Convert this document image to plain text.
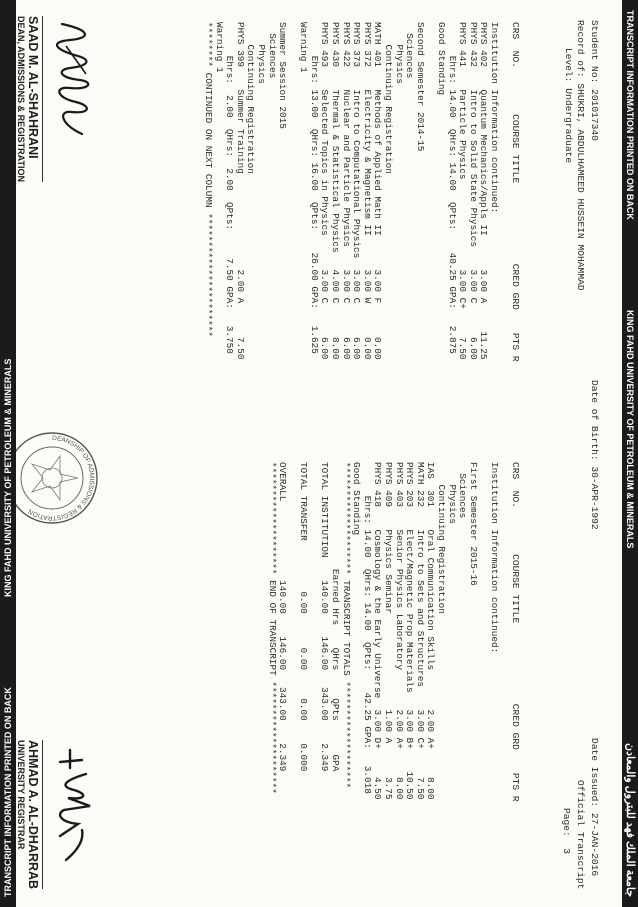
TRANSCRIPT INFORMATION PRINTED ON BACK
KING FAHD UNIVERSITY OF PETROLEUM & MINERALS
جامعة الملك فهد للبترول والمعادن
Student No: 201017340
Date of Birth: 30-APR-1992
Date Issued: 27-JAN-2016
Record of: SHUKRI, ABDULHAMEED HUSSEIN MOHAMMAD
Official Transcript
Level: Undergraduate
Page:  3
CRS  NO.        COURSE TITLE              CRED GRD    PTS R
CRS  NO.        COURSE TITLE              CRED GRD    PTS R
Institution Information continued:
PHYS 402    Quantum Mechanics/Appls II      3.00 A     11.25
PHYS 432    Intro to Solid State Physics    3.00 C      6.00
PHYS 441    Particle Physics                3.00 C+     7.50
Ehrs: 14.00  QHrs: 14.00  QPts:    40.25 GPA:   2.875
Good Standing
Second Semester 2014-15
Sciences
Physics
Continuing Registration
MATH 401    Methods of Applied Math II      3.00 F      0.00
PHYS 372    Electricity & Magnetism II      3.00 W      0.00
PHYS 373    Intro to Computational Physics  3.00 C      6.00
PHYS 422    Nuclear and Particle Physics    3.00 C      6.00
PHYS 430    Thermal & Statistical Physics   4.00 C      8.00
PHYS 493    Selected Topics in Physics      3.00 C      6.00
Ehrs: 13.00  QHrs: 16.00  QPts:    26.00 GPA:   1.625
Warning 1
Summer Session 2015
Sciences
Physics
Continuing Registration
PHYS 399    Summer Training                 2.00 A      7.50
Ehrs:  2.00  QHrs:  2.00  QPts:     7.50 GPA:   3.750
Warning 1
******** CONTINUED ON NEXT COLUMN **********************
Institution Information continued:
First Semester 2015-16
Sciences
Physics
Continuing Registration
IAS  301    Oral Communication Skills       2.00 A+     8.00
MATH 232    Intro to Sets and Structures    3.00 C+     7.50
PHYS 203    Elect/Magnetic Prop Materials   3.00 B+    10.50
PHYS 403    Senior Physics Laboratory       2.00 A+     8.00
PHYS 409    Physics Seminar                 1.00 A      3.75
PHYS 418    Cosmology & the Early Universe  3.00 D+     4.50
Ehrs: 14.00  QHrs: 14.00  QPts:    42.25 GPA:   3.018
Good Standing
******************** TRANSCRIPT TOTALS *******************
Earned Hrs    QHrs     QPts      GPA
TOTAL INSTITUTION    140.00    146.00   343.00    2.349
TOTAL TRANSFER         0.00      0.00     0.00    0.000
OVERALL              140.00    146.00   343.00    2.349
******************** END OF TRANSCRIPT ********************
SAAD M. AL-SHAHRANI
DEAN, ADMISSIONS & REGISTRATION
DEANSHIP OF ADMISSIONS & REGISTRATION
AHMAD A. AL-DHARRAB
UNIVERSITY REGISTRAR
TRANSCRIPT INFORMATION PRINTED ON BACK
KING FAHD UNIVERSITY OF PETROLEUM & MINERALS
